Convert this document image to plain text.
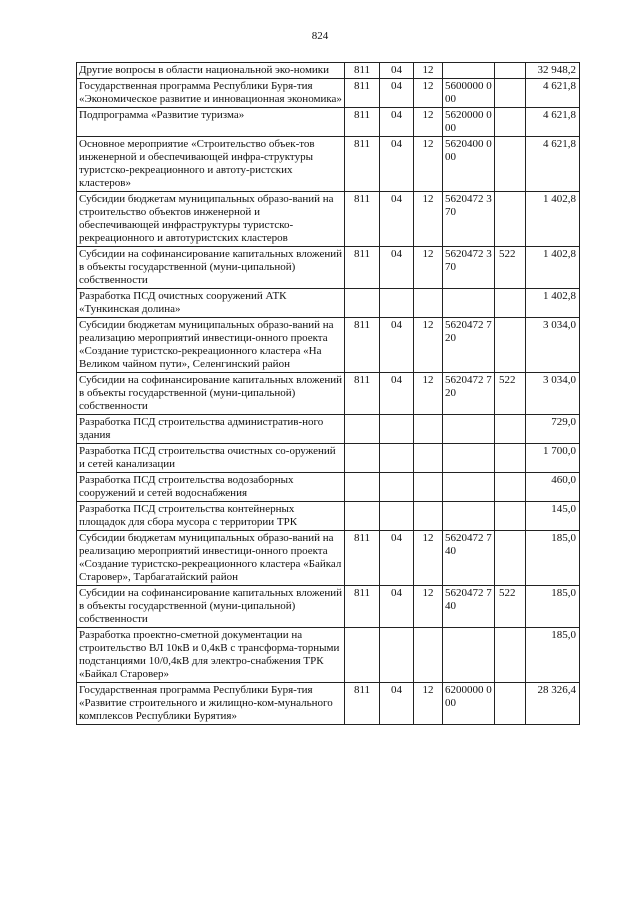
824
Другие вопросы в области национальной эко-номики	811	04	12			32 948,2
Государственная программа Республики Буря-тия «Экономическое развитие и инновационная экономика»	811	04	12	5600000 000		4 621,8
Подпрограмма «Развитие туризма»	811	04	12	5620000 000		4 621,8
Основное мероприятие «Строительство объек-тов инженерной и обеспечивающей инфра-структуры туристско-рекреационного и автоту-ристских кластеров»	811	04	12	5620400 000		4 621,8
Субсидии бюджетам муниципальных образо-ваний на строительство объектов инженерной и обеспечивающей инфраструктуры туристско-рекреационного и автотуристских кластеров	811	04	12	5620472 370		1 402,8
Субсидии на софинансирование капитальных вложений в объекты государственной (муни-ципальной) собственности	811	04	12	5620472 370	522	1 402,8
Разработка ПСД очистных сооружений АТК «Тункинская долина»						1 402,8
Субсидии бюджетам муниципальных образо-ваний на реализацию мероприятий инвестици-онного проекта «Создание туристско-рекреационного кластера «На Великом чайном пути», Селенгинский район	811	04	12	5620472 720		3 034,0
Субсидии на софинансирование капитальных вложений в объекты государственной (муни-ципальной) собственности	811	04	12	5620472 720	522	3 034,0
Разработка ПСД строительства административ-ного здания						729,0
Разработка ПСД строительства очистных со-оружений и сетей канализации						1 700,0
Разработка ПСД строительства водозаборных сооружений и сетей водоснабжения						460,0
Разработка ПСД строительства контейнерных площадок для сбора мусора с территории ТРК						145,0
Субсидии бюджетам муниципальных образо-ваний на реализацию мероприятий инвестици-онного проекта «Создание туристско-рекреационного кластера «Байкал Старовер», Тарбагатайский район	811	04	12	5620472 740		185,0
Субсидии на софинансирование капитальных вложений в объекты государственной (муни-ципальной) собственности	811	04	12	5620472 740	522	185,0
Разработка проектно-сметной документации на строительство ВЛ 10кВ и 0,4кВ с трансформа-торными подстанциями 10/0,4кВ для электро-снабжения ТРК «Байкал Старовер»						185,0
Государственная программа Республики Буря-тия «Развитие строительного и жилищно-ком-мунального комплексов Республики Бурятия»	811	04	12	6200000 000		28 326,4
